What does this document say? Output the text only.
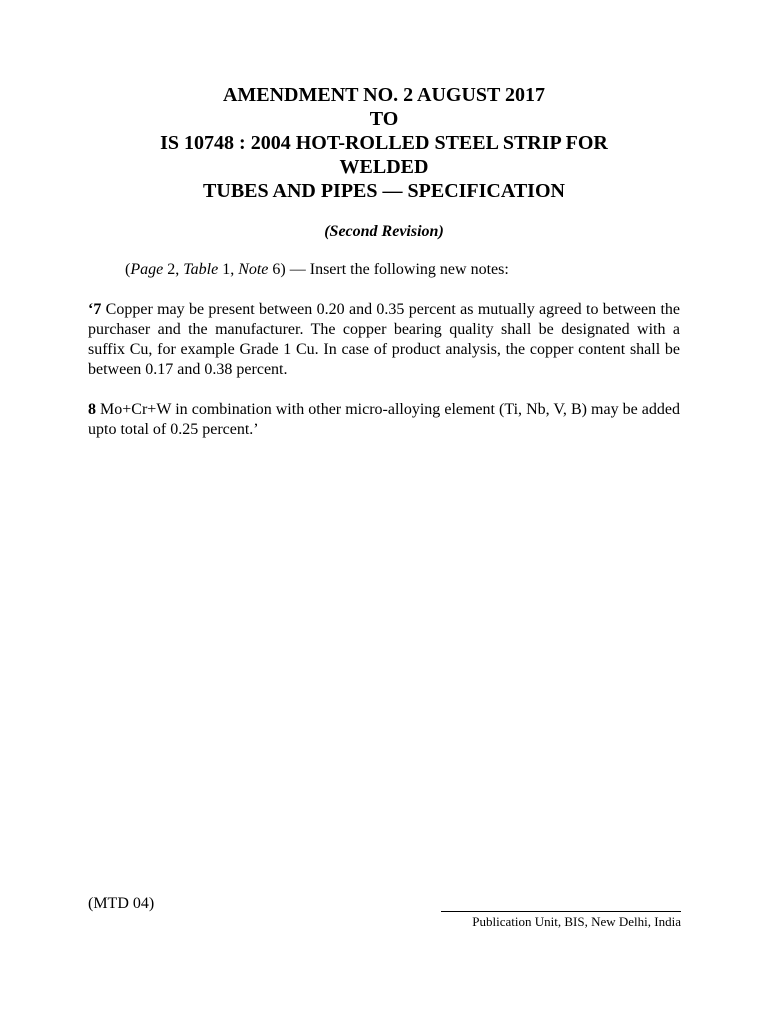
AMENDMENT NO. 2 AUGUST 2017
TO
IS 10748 : 2004 HOT-ROLLED STEEL STRIP FOR
WELDED
TUBES AND PIPES — SPECIFICATION
(Second Revision)
(Page 2, Table 1, Note 6) — Insert the following new notes:
‘7 Copper may be present between 0.20 and 0.35 percent as mutually agreed to between the purchaser and the manufacturer. The copper bearing quality shall be designated with a suffix Cu, for example Grade 1 Cu. In case of product analysis, the copper content shall be between 0.17 and 0.38 percent.
8 Mo+Cr+W in combination with other micro-alloying element (Ti, Nb, V, B) may be added upto total of 0.25 percent.’
(MTD 04)
Publication Unit, BIS, New Delhi, India
